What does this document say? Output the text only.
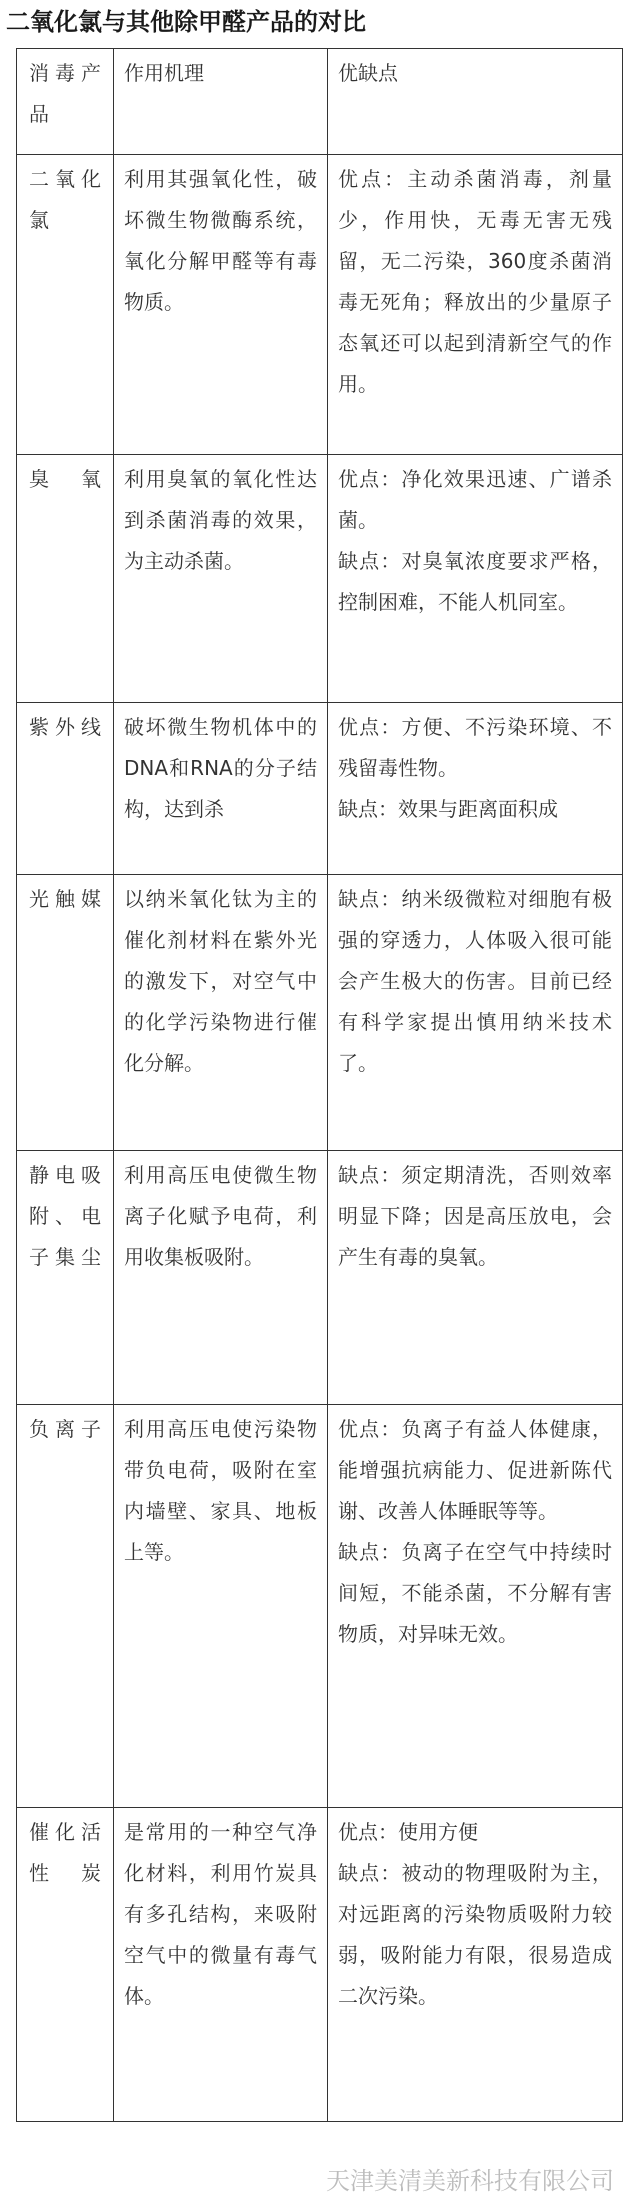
二氧化氯与其他除甲醛产品的对比
消毒产品	作用机理	优缺点
二氧化氯	利用其强氧化性，破坏微生物微酶系统，氧化分解甲醛等有毒物质。	优点：主动杀菌消毒，剂量少，作用快，无毒无害无残留，无二污染，360度杀菌消毒无死角；释放出的少量原子态氧还可以起到清新空气的作用。

臭氧	利用臭氧的氧化性达到杀菌消毒的效果，为主动杀菌。	优点：净化效果迅速、广谱杀菌。
缺点：对臭氧浓度要求严格，控制困难，不能人机同室。

紫外线	破坏微生物机体中的DNA和RNA的分子结构，达到杀	优点：方便、不污染环境、不残留毒性物。
缺点：效果与距离面积成

光触媒	以纳米氧化钛为主的催化剂材料在紫外光的激发下，对空气中的化学污染物进行催化分解。	缺点：纳米级微粒对细胞有极强的穿透力，人体吸入很可能会产生极大的伤害。目前已经有科学家提出慎用纳米技术了。

静电吸附、电子集尘	利用高压电使微生物离子化赋予电荷，利用收集板吸附。	缺点：须定期清洗，否则效率明显下降；因是高压放电，会产生有毒的臭氧。

负离子	利用高压电使污染物带负电荷，吸附在室内墙壁、家具、地板上等。	优点：负离子有益人体健康，能增强抗病能力、促进新陈代谢、改善人体睡眠等等。
缺点：负离子在空气中持续时间短，不能杀菌，不分解有害物质，对异味无效。

催化活性炭	是常用的一种空气净化材料，利用竹炭具有多孔结构，来吸附空气中的微量有毒气体。	优点：使用方便
缺点：被动的物理吸附为主，对远距离的污染物质吸附力较弱，吸附能力有限，很易造成二次污染。
天津美清美新科技有限公司
